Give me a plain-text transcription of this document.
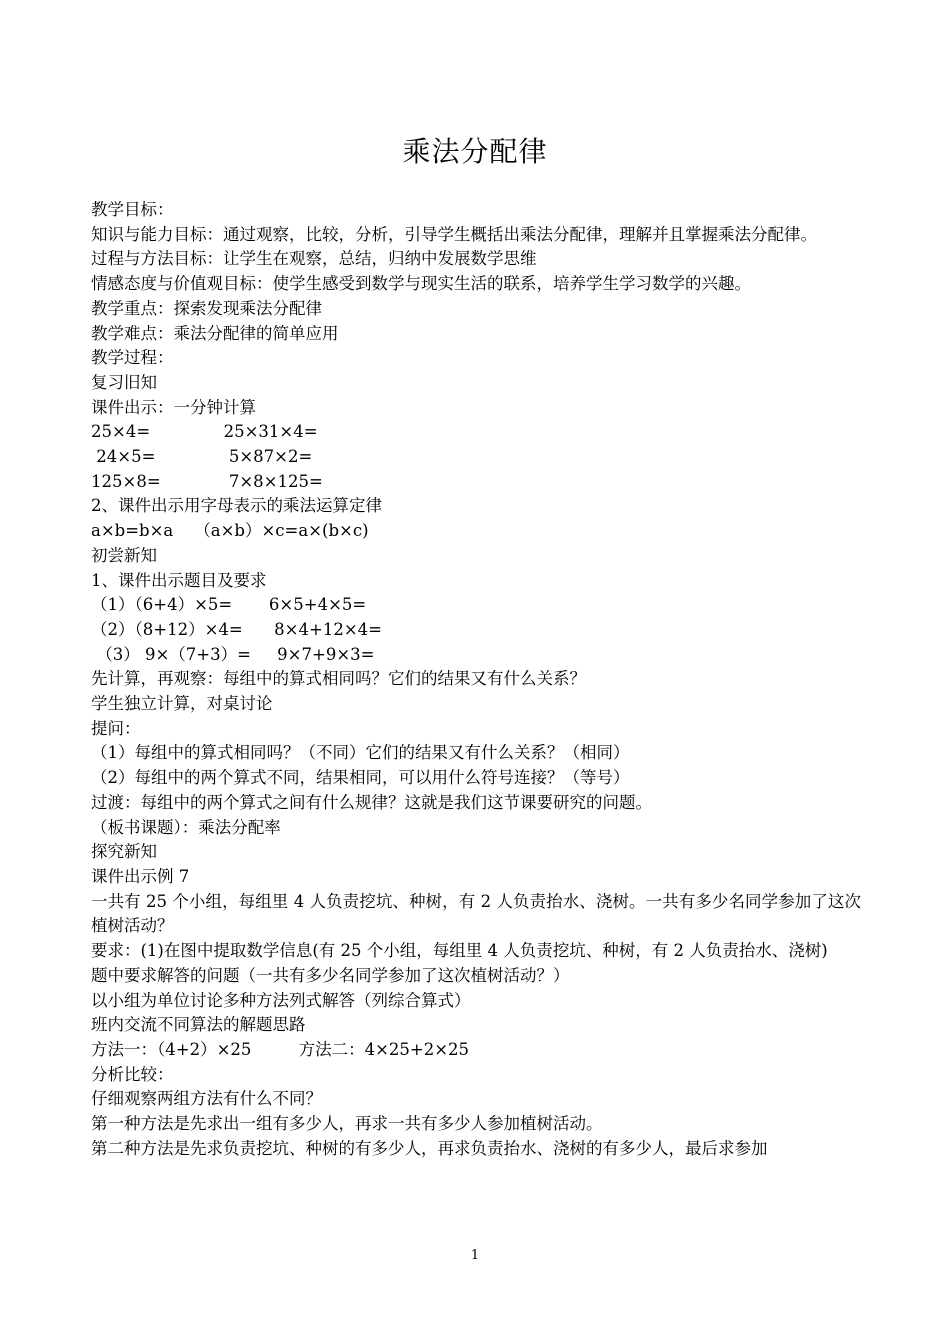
乘法分配律
教学目标：
知识与能力目标：通过观察，比较，分析，引导学生概括出乘法分配律，理解并且掌握乘法分配律。
过程与方法目标：让学生在观察，总结，归纳中发展数学思维
情感态度与价值观目标：使学生感受到数学与现实生活的联系，培养学生学习数学的兴趣。
教学重点：探索发现乘法分配律
教学难点：乘法分配律的简单应用
教学过程：
复习旧知
课件出示：一分钟计算
25×4=              25×31×4=
24×5=              5×87×2=
125×8=             7×8×125=
2、课件出示用字母表示的乘法运算定律
a×b=b×a    （a×b）×c=a×(b×c)
初尝新知
1、课件出示题目及要求
（1）（6+4）×5=       6×5+4×5=
（2）（8+12）×4=      8×4+12×4=
（3） 9×（7+3）=     9×7+9×3=
先计算，再观察：每组中的算式相同吗？它们的结果又有什么关系？
学生独立计算，对桌讨论
提问：
（1）每组中的算式相同吗？（不同）它们的结果又有什么关系？（相同）
（2）每组中的两个算式不同，结果相同，可以用什么符号连接？（等号）
过渡：每组中的两个算式之间有什么规律？这就是我们这节课要研究的问题。
（板书课题）：乘法分配率
探究新知
课件出示例 7
一共有 25 个小组，每组里 4 人负责挖坑、种树，有 2 人负责抬水、浇树。一共有多少名同学参加了这次植树活动？
要求：(1)在图中提取数学信息(有 25 个小组，每组里 4 人负责挖坑、种树，有 2 人负责抬水、浇树)
题中要求解答的问题（一共有多少名同学参加了这次植树活动？）
以小组为单位讨论多种方法列式解答（列综合算式）
班内交流不同算法的解题思路
方法一：（4+2）×25         方法二：4×25+2×25
分析比较：
仔细观察两组方法有什么不同？
第一种方法是先求出一组有多少人，再求一共有多少人参加植树活动。
第二种方法是先求负责挖坑、种树的有多少人，再求负责抬水、浇树的有多少人，最后求参加
1
